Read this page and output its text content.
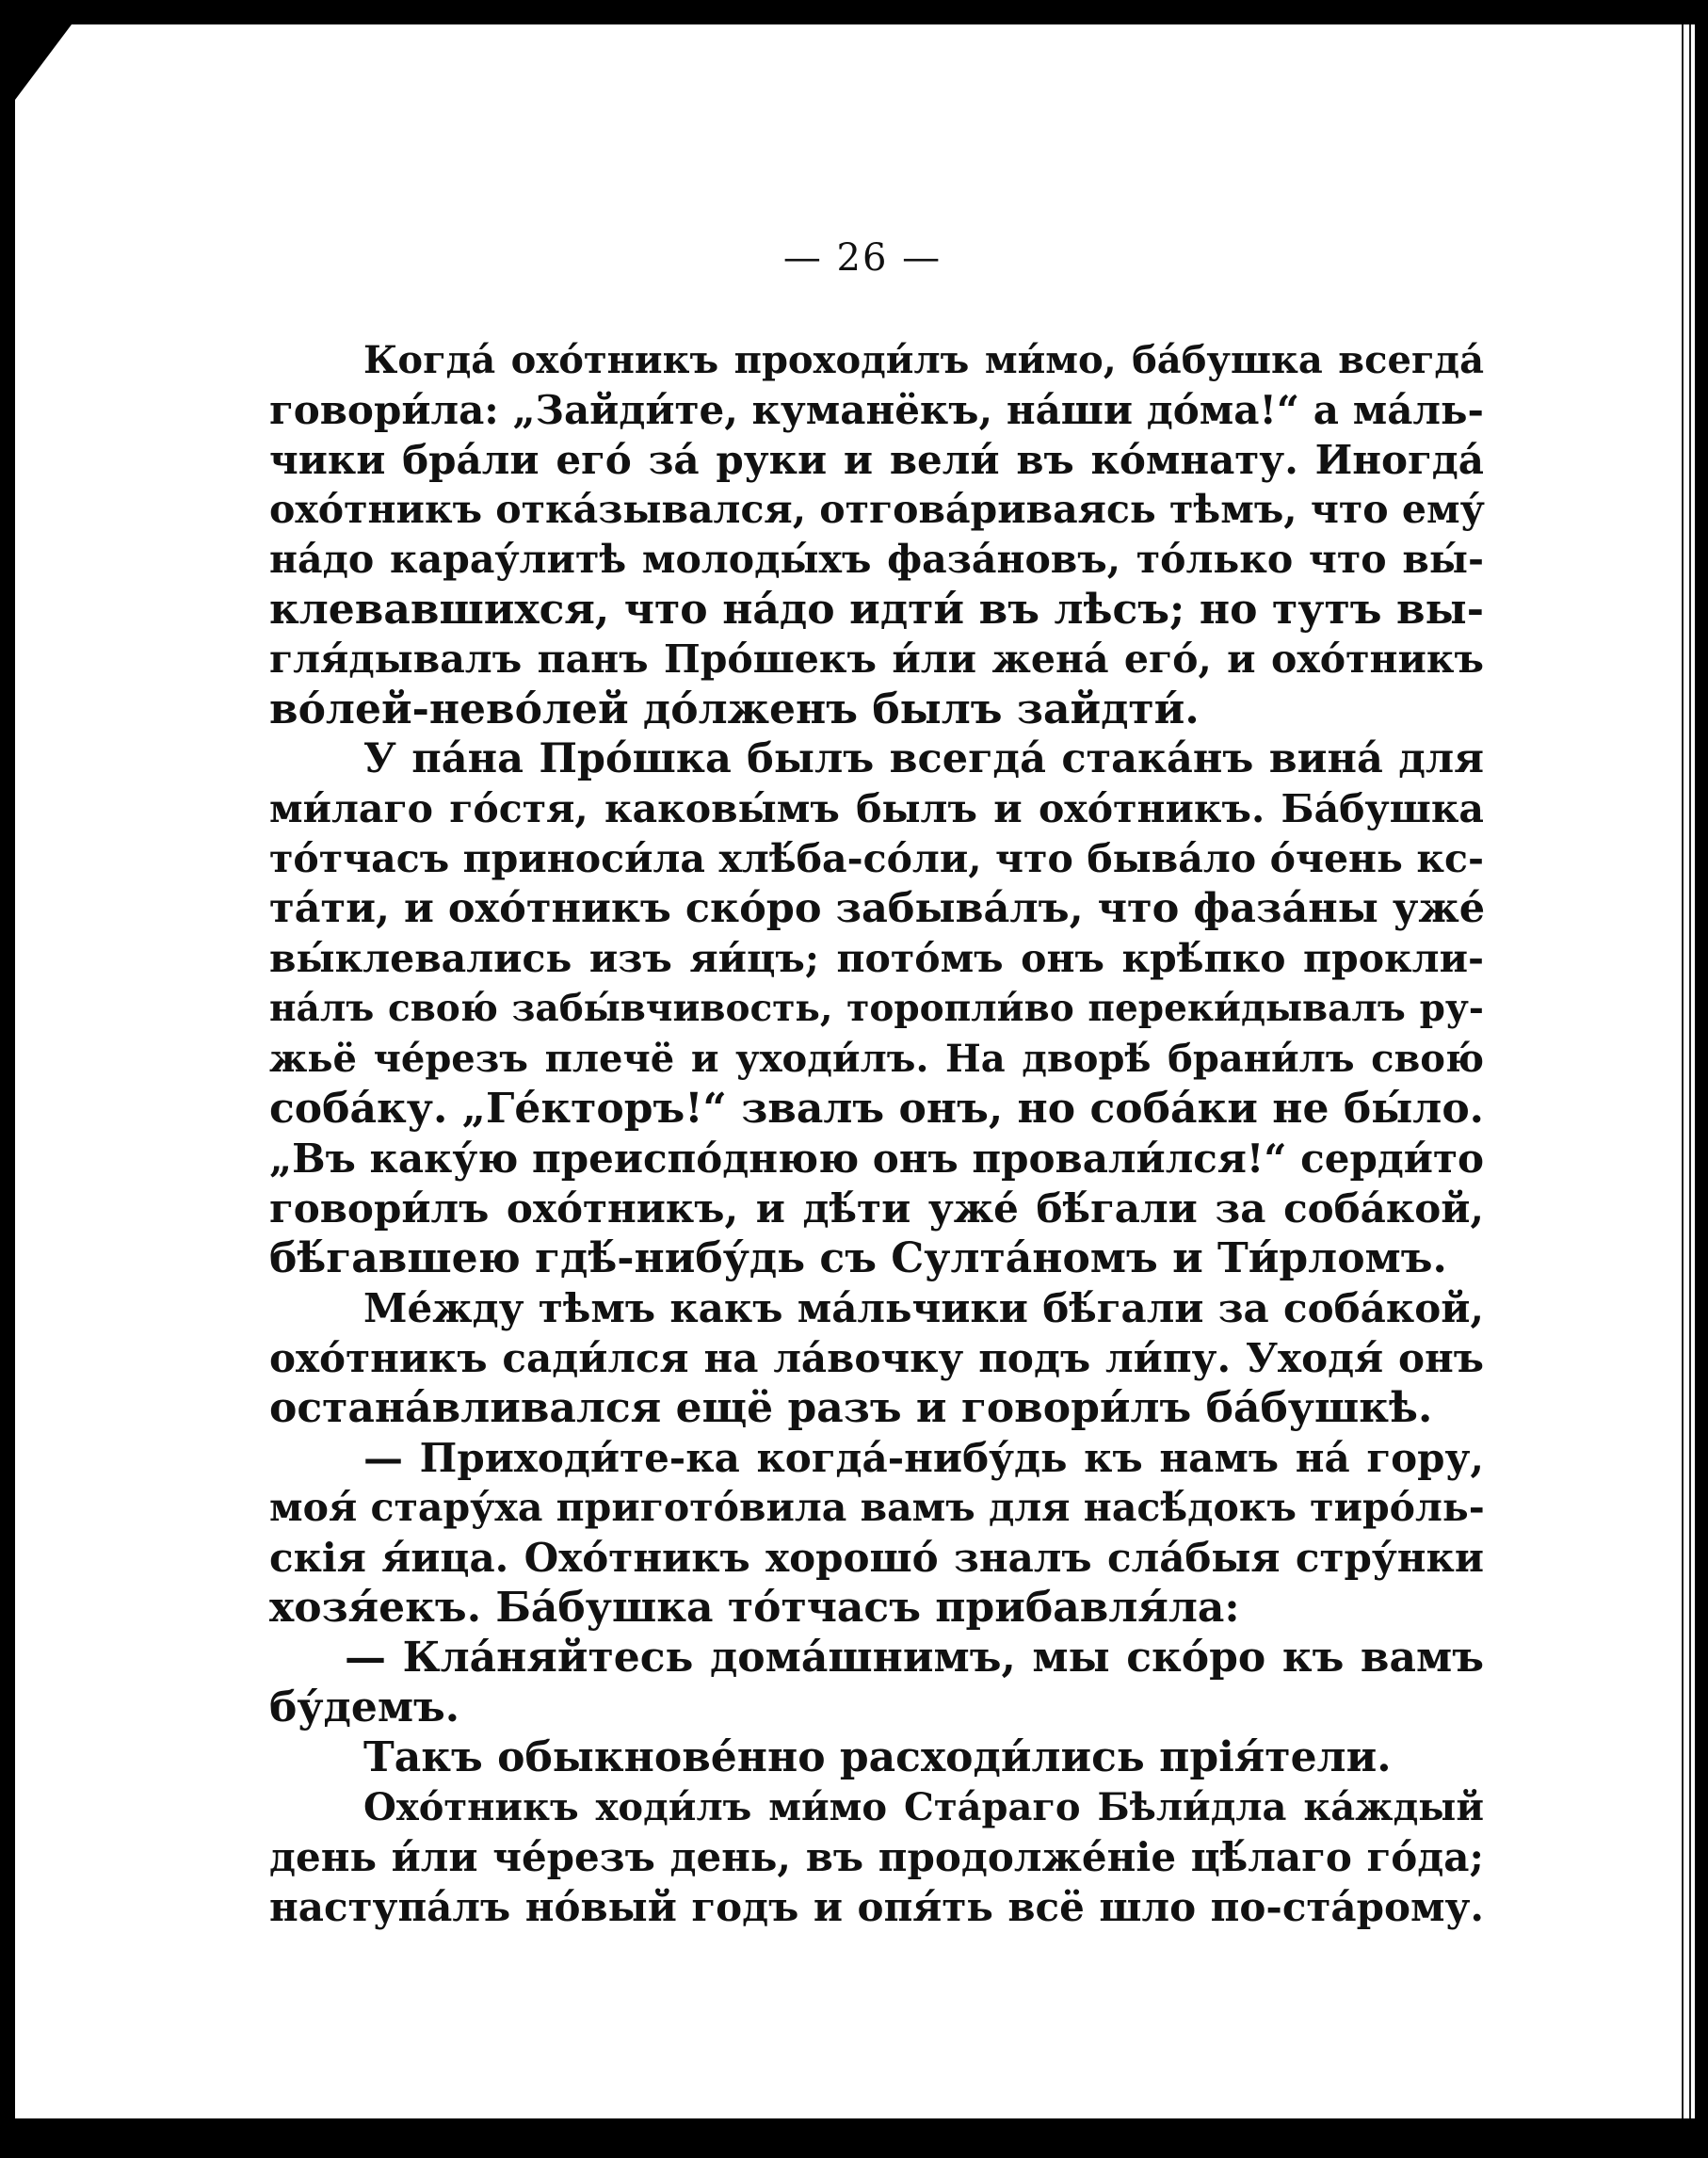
— 26 —
Когда́ охо́тникъ проходи́лъ ми́мо, ба́бушка всегда́
говори́ла: „Зайди́те, куманёкъ, на́ши до́ма!“ а ма́ль-
чики бра́ли его́ за́ руки и вели́ въ ко́мнату. Иногда́
охо́тникъ отка́зывался, отгова́риваясь тѣмъ, что ему́
на́до карау́литѣ молоды́хъ фаза́новъ, то́лько что вы́-
клевавшихся, что на́до идти́ въ лѣсъ; но тутъ вы-
гля́дывалъ панъ Про́шекъ и́ли жена́ его́, и охо́тникъ
во́лей-нево́лей до́лженъ былъ зайдти́.
У па́на Про́шка былъ всегда́ стака́нъ вина́ для
ми́лаго го́стя, каковы́мъ былъ и охо́тникъ. Ба́бушка
то́тчасъ приноси́ла хлѣ́ба-со́ли, что быва́ло о́чень кс-
та́ти, и охо́тникъ ско́ро забыва́лъ, что фаза́ны уже́
вы́клевались изъ яи́цъ; пото́мъ онъ крѣ́пко прокли-
на́лъ свою́ забы́вчивость, торопли́во переки́дывалъ ру-
жьё че́резъ плечё и уходи́лъ. На дворѣ́ брани́лъ свою́
соба́ку. „Ге́кторъ!“ звалъ онъ, но соба́ки не бы́ло.
„Въ каку́ю преиспо́днюю онъ провали́лся!“ серди́то
говори́лъ охо́тникъ, и дѣ́ти уже́ бѣ́гали за соба́кой,
бѣ́гавшею гдѣ́-нибу́дь съ Султа́номъ и Ти́рломъ.
Ме́жду тѣмъ какъ ма́льчики бѣ́гали за соба́кой,
охо́тникъ сади́лся на ла́вочку подъ ли́пу. Уходя́ онъ
остана́вливался ещё разъ и говори́лъ ба́бушкѣ.
— Приходи́те-ка когда́-нибу́дь къ намъ на́ гору,
моя́ стару́ха пригото́вила вамъ для насѣ́докъ тиро́ль-
скія я́ица. Охо́тникъ хорошо́ зналъ сла́быя стру́нки
хозя́екъ. Ба́бушка то́тчасъ прибавля́ла:
— Кла́няйтесь дома́шнимъ, мы ско́ро къ вамъ
бу́демъ.
Такъ обыкнове́нно расходи́лись прія́тели.
Охо́тникъ ходи́лъ ми́мо Ста́раго Бѣли́дла ка́ждый
день и́ли че́резъ день, въ продолже́ніе цѣ́лаго го́да;
наступа́лъ но́вый годъ и опя́ть всё шло по-ста́рому.
